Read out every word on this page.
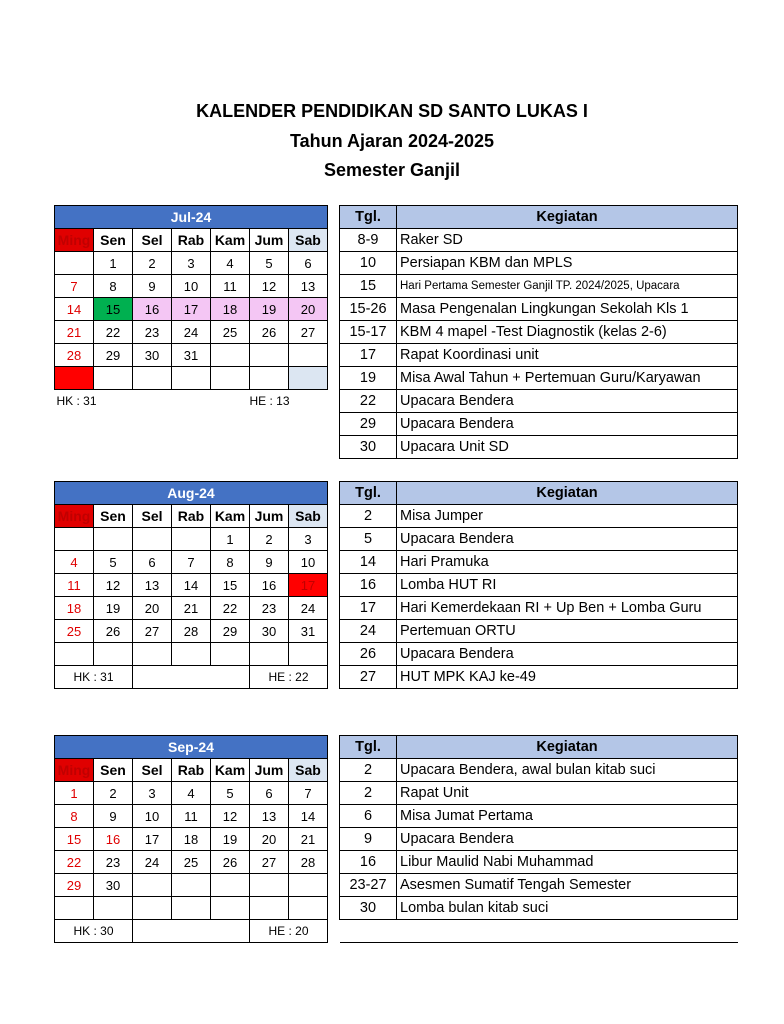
KALENDER PENDIDIKAN SD SANTO LUKAS I
Tahun Ajaran 2024-2025
Semester Ganjil
Jul-24						
Ming	Sen	Sel	Rab	Kam	Jum	Sab
	1	2	3	4	5	6
7	8	9	10	11	12	13
14	15	16	17	18	19	20
21	22	23	24	25	26	27
28	29	30	31			

HK : 31					HE : 13	
Tgl.	Kegiatan
8-9	Raker SD
10	Persiapan KBM dan MPLS
15	Hari Pertama Semester Ganjil TP. 2024/2025, Upacara
15-26	Masa Pengenalan Lingkungan Sekolah Kls 1
15-17	KBM 4 mapel -Test Diagnostik (kelas 2-6)
17	Rapat Koordinasi unit
19	Misa Awal Tahun + Pertemuan Guru/Karyawan
22	Upacara Bendera
29	Upacara Bendera
30	Upacara Unit SD
Aug-24						
Ming	Sen	Sel	Rab	Kam	Jum	Sab
				1	2	3
4	5	6	7	8	9	10
11	12	13	14	15	16	17
18	19	20	21	22	23	24
25	26	27	28	29	30	31

HK : 31					HE : 22	
Tgl.	Kegiatan
2	Misa Jumper
5	Upacara Bendera
14	Hari Pramuka
16	Lomba HUT RI
17	Hari Kemerdekaan RI + Up Ben + Lomba Guru
24	Pertemuan ORTU
26	Upacara Bendera
27	HUT MPK KAJ ke-49
Sep-24						
Ming	Sen	Sel	Rab	Kam	Jum	Sab
1	2	3	4	5	6	7
8	9	10	11	12	13	14
15	16	17	18	19	20	21
22	23	24	25	26	27	28
29	30					

HK : 30					HE : 20	
Tgl.	Kegiatan
2	Upacara Bendera, awal bulan kitab suci
2	Rapat Unit
6	Misa Jumat Pertama
9	Upacara Bendera
16	Libur Maulid Nabi Muhammad
23-27	Asesmen Sumatif Tengah Semester
30	Lomba bulan kitab suci
